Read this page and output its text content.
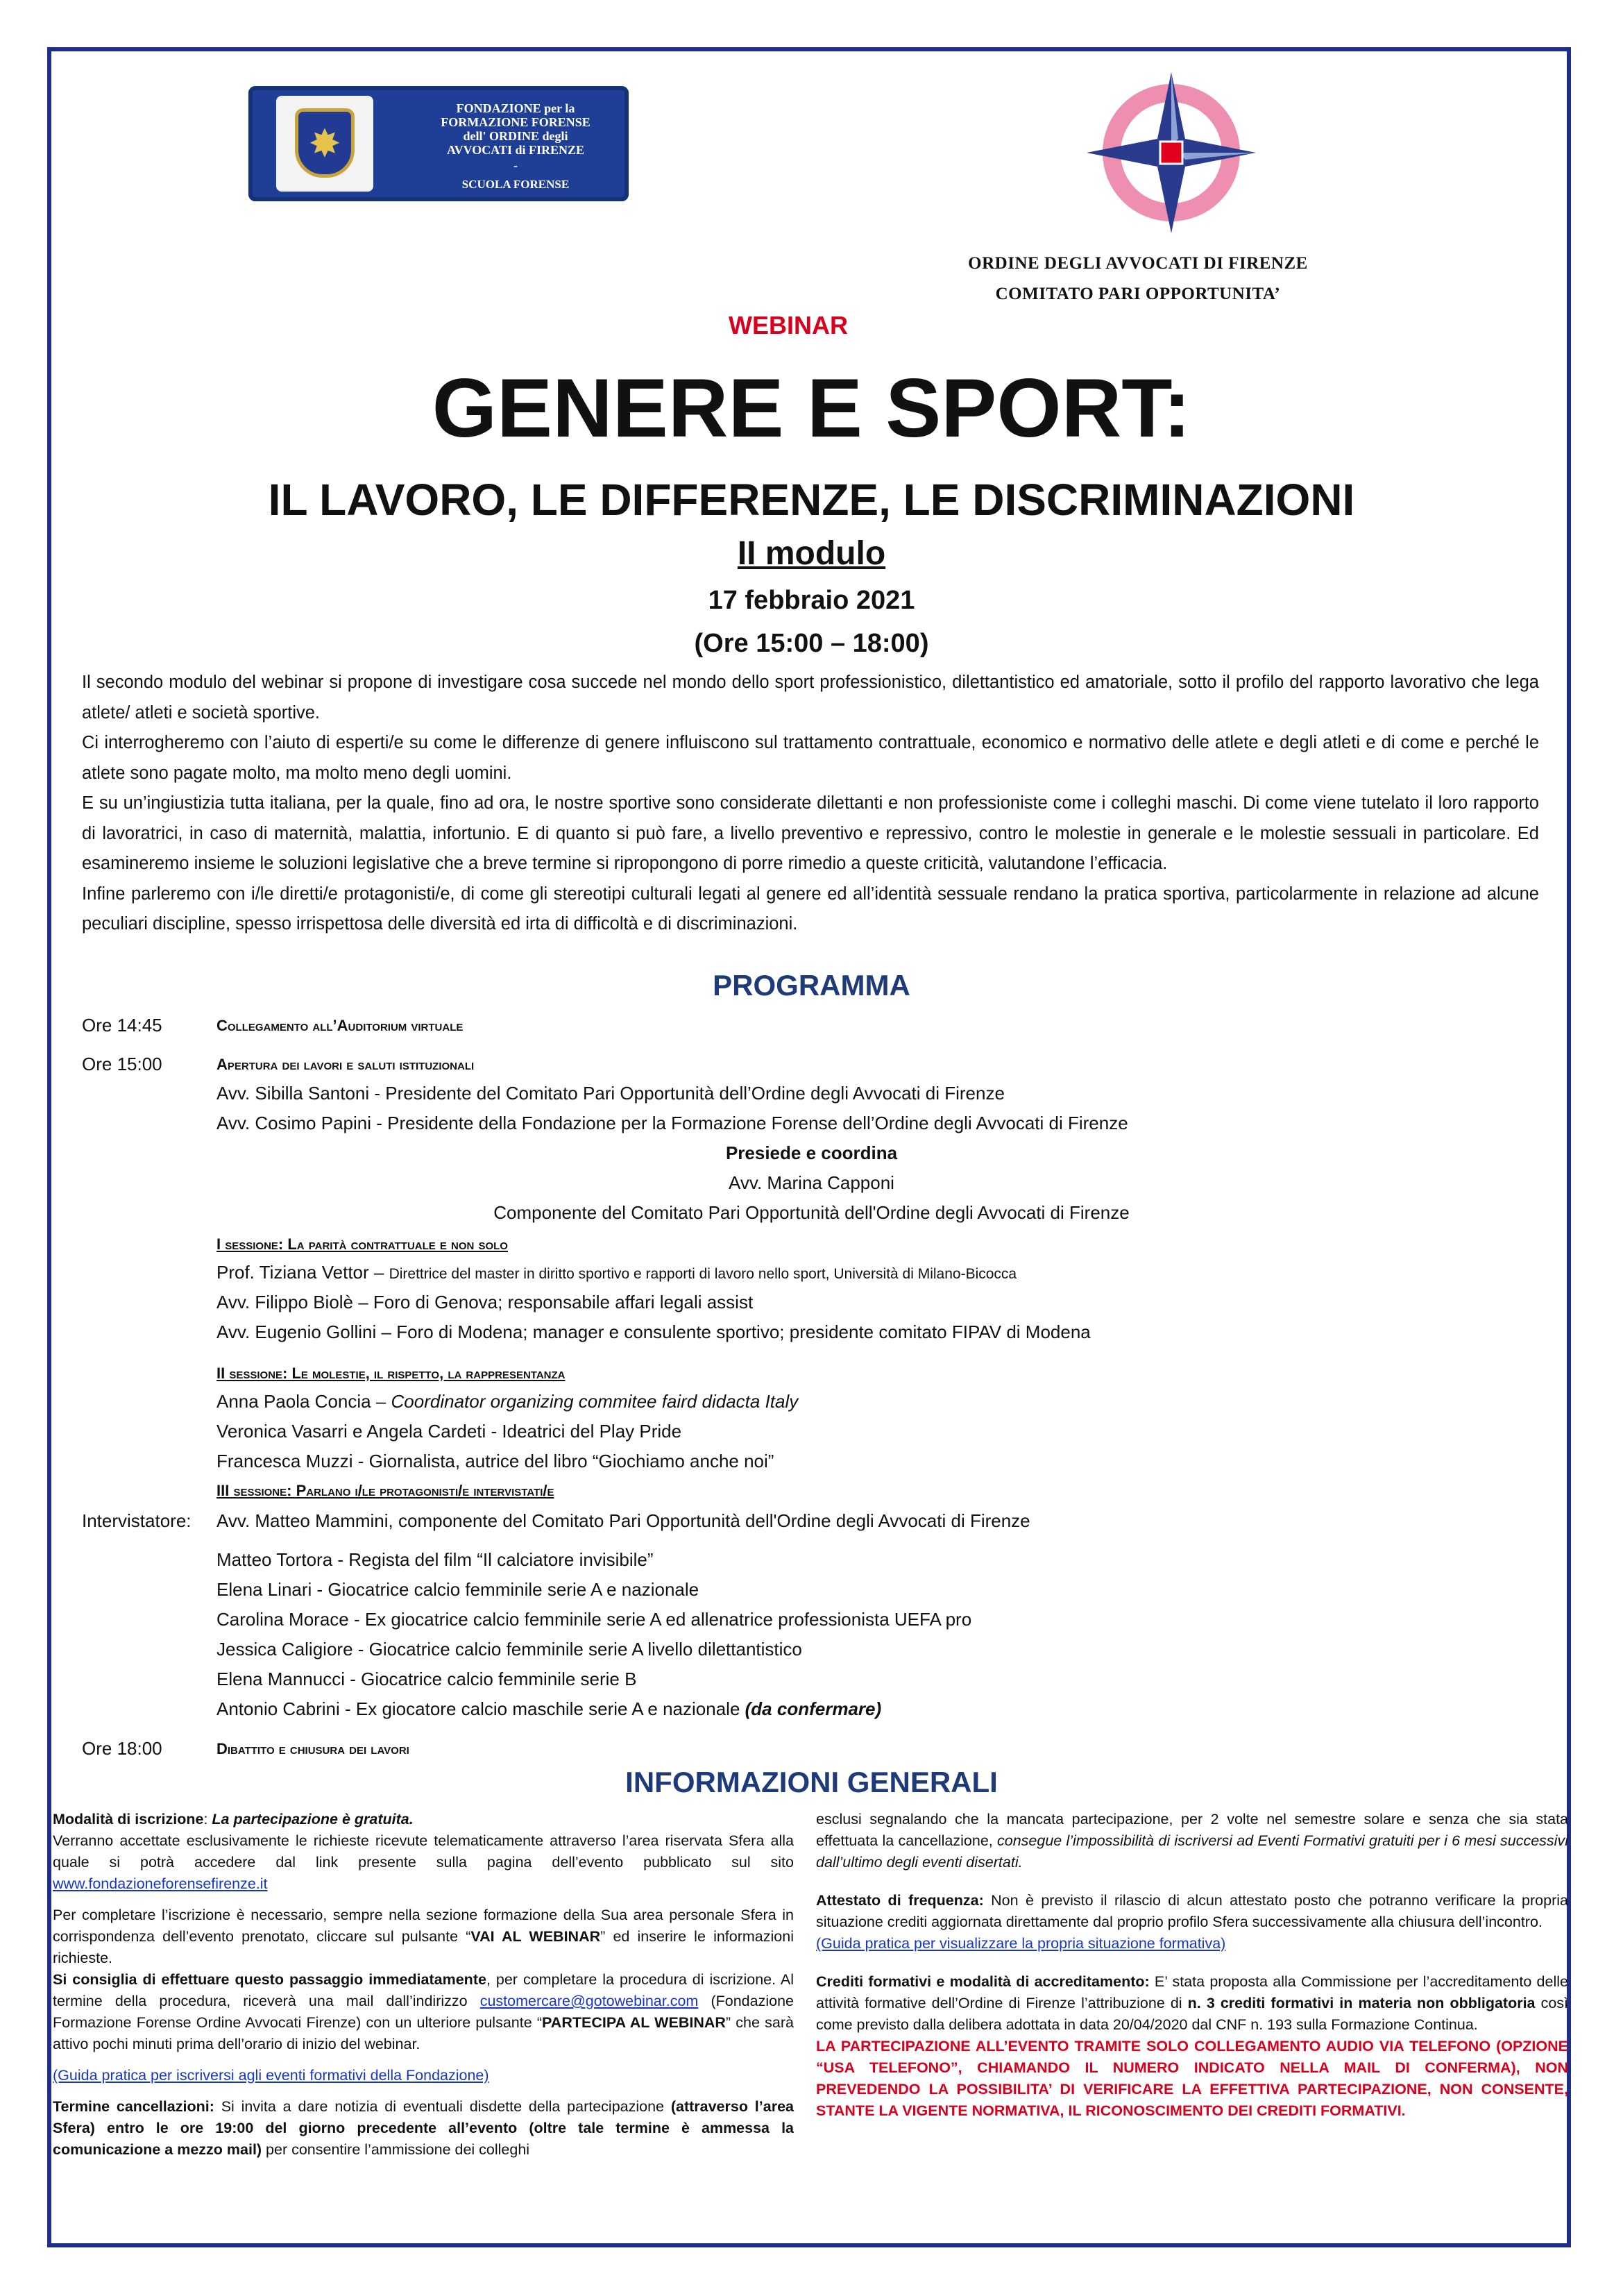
✸
FONDAZIONE per la
FORMAZIONE FORENSE
dell' ORDINE degli
AVVOCATI di FIRENZE
-
SCUOLA FORENSE
ORDINE DEGLI AVVOCATI DI FIRENZE
COMITATO PARI OPPORTUNITA’
WEBINAR
GENERE E SPORT:
IL LAVORO, LE DIFFERENZE, LE DISCRIMINAZIONI
II modulo
17 febbraio 2021
(Ore 15:00 – 18:00)

Il secondo modulo del webinar si propone di investigare cosa succede nel mondo dello sport professionistico, dilettantistico ed amatoriale, sotto il profilo del rapporto lavorativo che lega atlete/ atleti e società sportive.

Ci interrogheremo con l’aiuto di esperti/e su come le differenze di genere influiscono sul trattamento contrattuale, economico e normativo delle atlete e degli atleti e di come e perché le atlete sono pagate molto, ma molto meno degli uomini.

E su un’ingiustizia tutta italiana, per la quale, fino ad ora, le nostre sportive sono considerate dilettanti e non professioniste come i colleghi maschi. Di come viene tutelato il loro rapporto di lavoratrici, in caso di maternità, malattia, infortunio. E di quanto si può fare, a livello preventivo e repressivo, contro le molestie in generale e le molestie sessuali in particolare. Ed esamineremo insieme le soluzioni legislative che a breve termine si ripropongono di porre rimedio a queste criticità, valutandone l’efficacia.

Infine parleremo con i/le diretti/e protagonisti/e, di come gli stereotipi culturali legati al genere ed all’identità sessuale rendano la pratica sportiva, particolarmente in relazione ad alcune peculiari discipline, spesso irrispettosa delle diversità ed irta di difficoltà e di discriminazioni.

PROGRAMMA
Ore 14:45	Collegamento all’Auditorium virtuale
Ore 15:00	Apertura dei lavori e saluti istituzionali
Avv. Sibilla Santoni - Presidente del Comitato Pari Opportunità dell’Ordine degli Avvocati di Firenze
Avv. Cosimo Papini - Presidente della Fondazione per la Formazione Forense dell’Ordine degli Avvocati di Firenze
Presiede e coordina
Avv. Marina Capponi
Componente del Comitato Pari Opportunità dell'Ordine degli Avvocati di Firenze
I sessione: La parità contrattuale e non solo
Prof. Tiziana Vettor – Direttrice del master in diritto sportivo e rapporti di lavoro nello sport, Università di Milano-Bicocca
Avv. Filippo Biolè – Foro di Genova; responsabile affari legali assist
Avv. Eugenio Gollini – Foro di Modena; manager e consulente sportivo; presidente comitato FIPAV di Modena
II sessione: Le molestie, il rispetto, la rappresentanza
Anna Paola Concia – Coordinator organizing commitee faird didacta Italy
Veronica Vasarri e Angela Cardeti - Ideatrici del Play Pride
Francesca Muzzi - Giornalista, autrice del libro “Giochiamo anche noi”
III sessione: Parlano i/le protagonisti/e intervistati/e
Intervistatore: Avv. Matteo Mammini, componente del Comitato Pari Opportunità dell'Ordine degli Avvocati di Firenze
Matteo Tortora - Regista del film “Il calciatore invisibile”
Elena Linari - Giocatrice calcio femminile serie A e nazionale
Carolina Morace - Ex giocatrice calcio femminile serie A ed allenatrice professionista UEFA pro
Jessica Caligiore - Giocatrice calcio femminile serie A livello dilettantistico
Elena Mannucci - Giocatrice calcio femminile serie B
Antonio Cabrini - Ex giocatore calcio maschile serie A e nazionale (da confermare)
Ore 18:00	Dibattito e chiusura dei lavori
INFORMAZIONI GENERALI

Modalità di iscrizione: La partecipazione è gratuita.
Verranno accettate esclusivamente le richieste ricevute telematicamente attraverso l’area riservata Sfera alla quale si potrà accedere dal link presente sulla pagina dell’evento pubblicato sul sito www.fondazioneforensefirenze.it

Per completare l’iscrizione è necessario, sempre nella sezione formazione della Sua area personale Sfera in corrispondenza dell’evento prenotato, cliccare sul pulsante “VAI AL WEBINAR” ed inserire le informazioni richieste.
Si consiglia di effettuare questo passaggio immediatamente, per completare la procedura di iscrizione. Al termine della procedura, riceverà una mail dall’indirizzo customercare@gotowebinar.com (Fondazione Formazione Forense Ordine Avvocati Firenze) con un ulteriore pulsante “PARTECIPA AL WEBINAR” che sarà attivo pochi minuti prima dell’orario di inizio del webinar.

(Guida pratica per iscriversi agli eventi formativi della Fondazione)

Termine cancellazioni: Si invita a dare notizia di eventuali disdette della partecipazione (attraverso l’area Sfera) entro le ore 19:00 del giorno precedente all’evento (oltre tale termine è ammessa la comunicazione a mezzo mail) per consentire l’ammissione dei colleghi

esclusi segnalando che la mancata partecipazione, per 2 volte nel semestre solare e senza che sia stata effettuata la cancellazione, consegue l’impossibilità di iscriversi ad Eventi Formativi gratuiti per i 6 mesi successivi dall’ultimo degli eventi disertati.

Attestato di frequenza: Non è previsto il rilascio di alcun attestato posto che potranno verificare la propria situazione crediti aggiornata direttamente dal proprio profilo Sfera successivamente alla chiusura dell’incontro.
(Guida pratica per visualizzare la propria situazione formativa)

Crediti formativi e modalità di accreditamento: E’ stata proposta alla Commissione per l’accreditamento delle attività formative dell’Ordine di Firenze l’attribuzione di n. 3 crediti formativi in materia non obbligatoria così come previsto dalla delibera adottata in data 20/04/2020 dal CNF n. 193 sulla Formazione Continua.
LA PARTECIPAZIONE ALL’EVENTO TRAMITE SOLO COLLEGAMENTO AUDIO VIA TELEFONO (OPZIONE “USA TELEFONO”, CHIAMANDO IL NUMERO INDICATO NELLA MAIL DI CONFERMA), NON PREVEDENDO LA POSSIBILITA’ DI VERIFICARE LA EFFETTIVA PARTECIPAZIONE, NON CONSENTE, STANTE LA VIGENTE NORMATIVA, IL RICONOSCIMENTO DEI CREDITI FORMATIVI.
